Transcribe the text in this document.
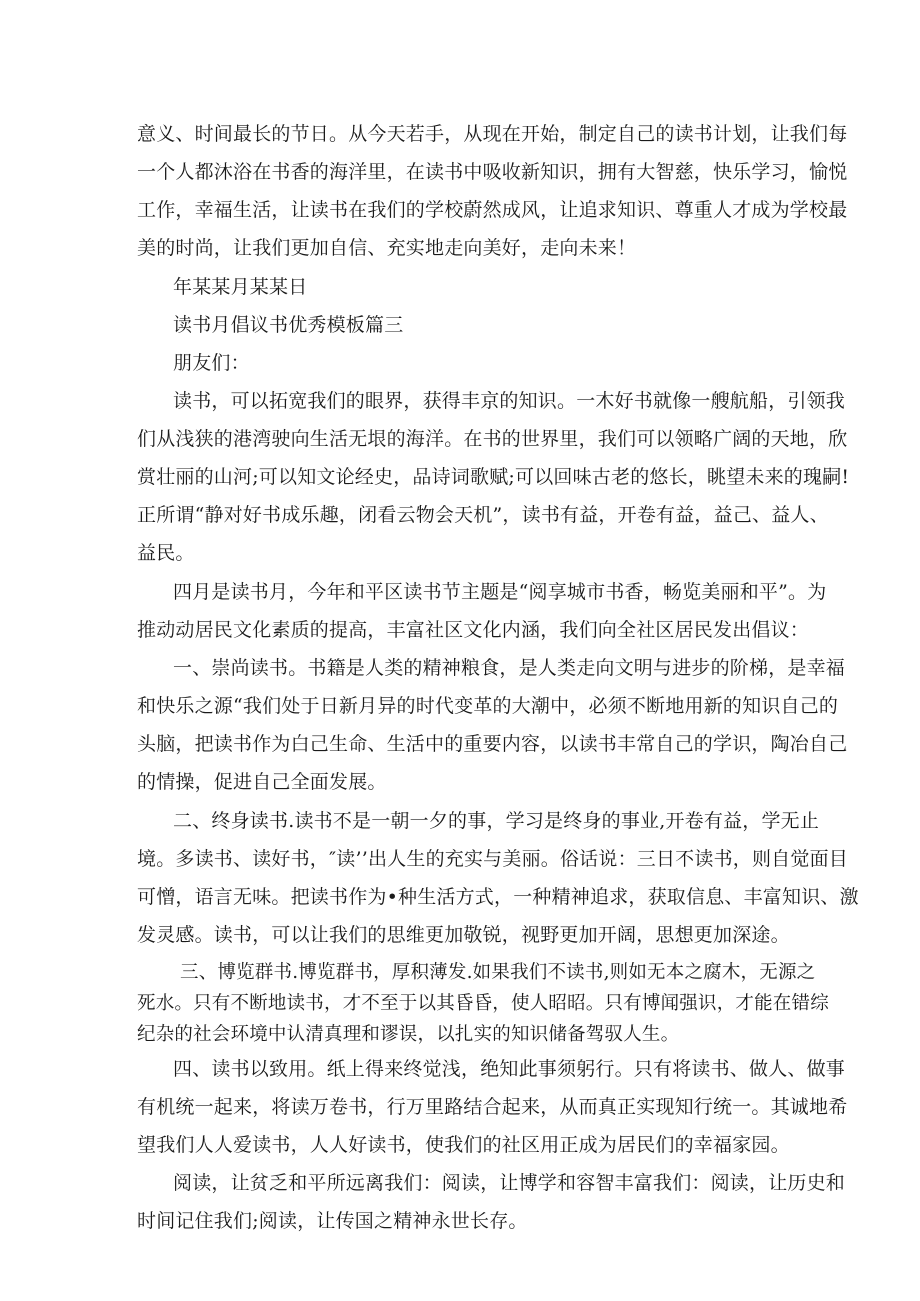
意义、时间最长的节日。从今天若手，从现在开始，制定自己的读书计划，让我们每
一个人都沐浴在书香的海洋里，在读书中吸收新知识，拥有大智慈，快乐学习，愉悦
工作，幸福生活，让读书在我们的学校蔚然成风，让追求知识、尊重人才成为学校最
美的时尚，让我们更加自信、充实地走向美好，走向未来！
年某某月某某日
读书月倡议书优秀模板篇三
朋友们：
读书，可以拓宽我们的眼界，获得丰京的知识。一木好书就像一艘航船，引领我
们从浅狭的港湾驶向生活无垠的海洋。在书的世界里，我们可以领略广阔的天地，欣
赏壮丽的山河;可以知文论经史，品诗词歌赋;可以回味古老的悠长，眺望未来的瑰嗣!
正所谓“静对好书成乐趣，闭看云物会天机”，读书有益，开卷有益，益己、益人、
益民。
四月是读书月，今年和平区读书节主题是“阅享城市书香，畅览美丽和平”。为
推动动居民文化素质的提高，丰富社区文化内涵，我们向全社区居民发出倡议：
一、崇尚读书。书籍是人类的精神粮食，是人类走向文明与进步的阶梯，是幸福
和快乐之源“我们处于日新月异的时代变革的大潮中，必须不断地用新的知识自己的
头脑，把读书作为白己生命、生活中的重要内容，以读书丰常自己的学识，陶冶自己
的情操，促进自己全面发展。
二、终身读书.读书不是一朝一夕的事，学习是终身的事业,开卷有益，学无止
境。多读书、读好书，″读’’出人生的充实与美丽。俗话说：三日不读书，则自觉面目
可憎，语言无味。把读书作为•种生活方式，一种精神追求，获取信息、丰富知识、激
发灵感。读书，可以让我们的思维更加敬锐，视野更加开阔，思想更加深途。
三、博览群书.博览群书，厚积薄发.如果我们不读书,则如无本之腐木，无源之
死水。只有不断地读书，才不至于以其昏昏，使人昭昭。只有博闻强识，才能在错综
纪杂的社会环境中认清真理和谬误，以扎实的知识储备驾驭人生。
四、读书以致用。纸上得来终觉浅，绝知此事须躬行。只有将读书、做人、做事
有机统一起来，将读万卷书，行万里路结合起来，从而真正实现知行统一。其诚地希
望我们人人爱读书，人人好读书，使我们的社区用正成为居民们的幸福家园。
阅读，让贫乏和平所远离我们：阅读，让博学和容智丰富我们：阅读，让历史和
时间记住我们;阅读，让传国之精神永世长存。
